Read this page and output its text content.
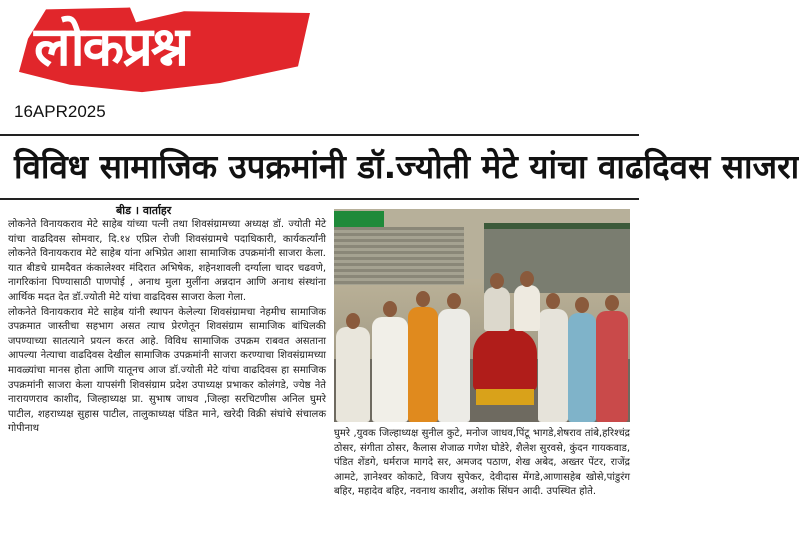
लोकप्रश्न
16APR2025
विविध सामाजिक उपक्रमांनी डॉ.ज्योती मेटे यांचा वाढदिवस साजरा
बीड । वार्ताहर

लोकनेते विनायकराव मेटे साहेब यांच्या पत्नी तथा शिवसंग्रामच्या अध्यक्ष डॉ. ज्योती मेटे यांचा वाढदिवस सोमवार, दि.१४ एप्रिल रोजी शिवसंग्रामचे पदाधिकारी, कार्यकर्त्यांनी लोकनेते विनायकराव मेटे साहेब यांना अभिप्रेत आशा सामाजिक उपक्रमांनी साजरा केला. यात बीडचे ग्रामदैवत कंकालेश्वर मंदिरात अभिषेक, शहेनशावली दर्ग्याला चादर चढवणे, नागरिकांना पिण्यासाठी पाणपोई , अनाथ मुला मुलींना अन्नदान आणि अनाथ संस्थांना आर्थिक मदत देत डॉ.ज्योती मेटे यांचा वाढदिवस साजरा केला गेला.

लोकनेते विनायकराव मेटे साहेब यांनी स्थापन केलेल्या शिवसंग्रामचा नेहमीच सामाजिक उपक्रमात जास्तीचा सहभाग असत त्याच प्रेरणेतून शिवसंग्राम सामाजिक बांधिलकी जपण्याच्या सातत्याने प्रयत्न करत आहे. विविध सामाजिक उपक्रम राबवत असताना आपल्या नेत्याचा वाढदिवस देखील सामाजिक उपक्रमांनी साजरा करण्याचा शिवसंग्रामच्या मावळ्यांचा मानस होता आणि यातूनच आज डॉ.ज्योती मेटे यांचा वाढदिवस हा समाजिक उपक्रमांनी साजरा केला यापसंगी शिवसंग्राम प्रदेश उपाध्यक्ष प्रभाकर कोलंगडे, ज्येष्ठ नेते नारायणराव काशीद, जिल्हाध्यक्ष प्रा. सुभाष जाधव ,जिल्हा सरचिटणीस अनिल घुमरे पाटील, शहराध्यक्ष सुहास पाटील, तालुकाध्यक्ष पंडित माने, खरेदी विक्री संघांचे संचालक गोपीनाथ	घुमरे ,युवक जिल्हाध्यक्ष सुनील कुटे, मनोज जाधव,पिंटू भागडे,शेषराव तांबे,हरिश्चंद्र ठोसर, संगीता ठोसर, कैलास शेजाळ गणेश घोडेरे, शैलेश सुरवसे, कुंदन गायकवाड, पंडित शेंडगे, धर्मराज मागदे सर, अमजद पठाण, शेख अबेद, अख्तर पेंटर, राजेंद्र आमटे, ज्ञानेश्वर कोकाटे, विजय सुपेकर, देवीदास मेंगडे,आणासहेब खोसे,पांडुरंग बहिर, महादेव बहिर, नवनाथ काशीद, अशोक सिंघन आदी. उपस्थित होते.
